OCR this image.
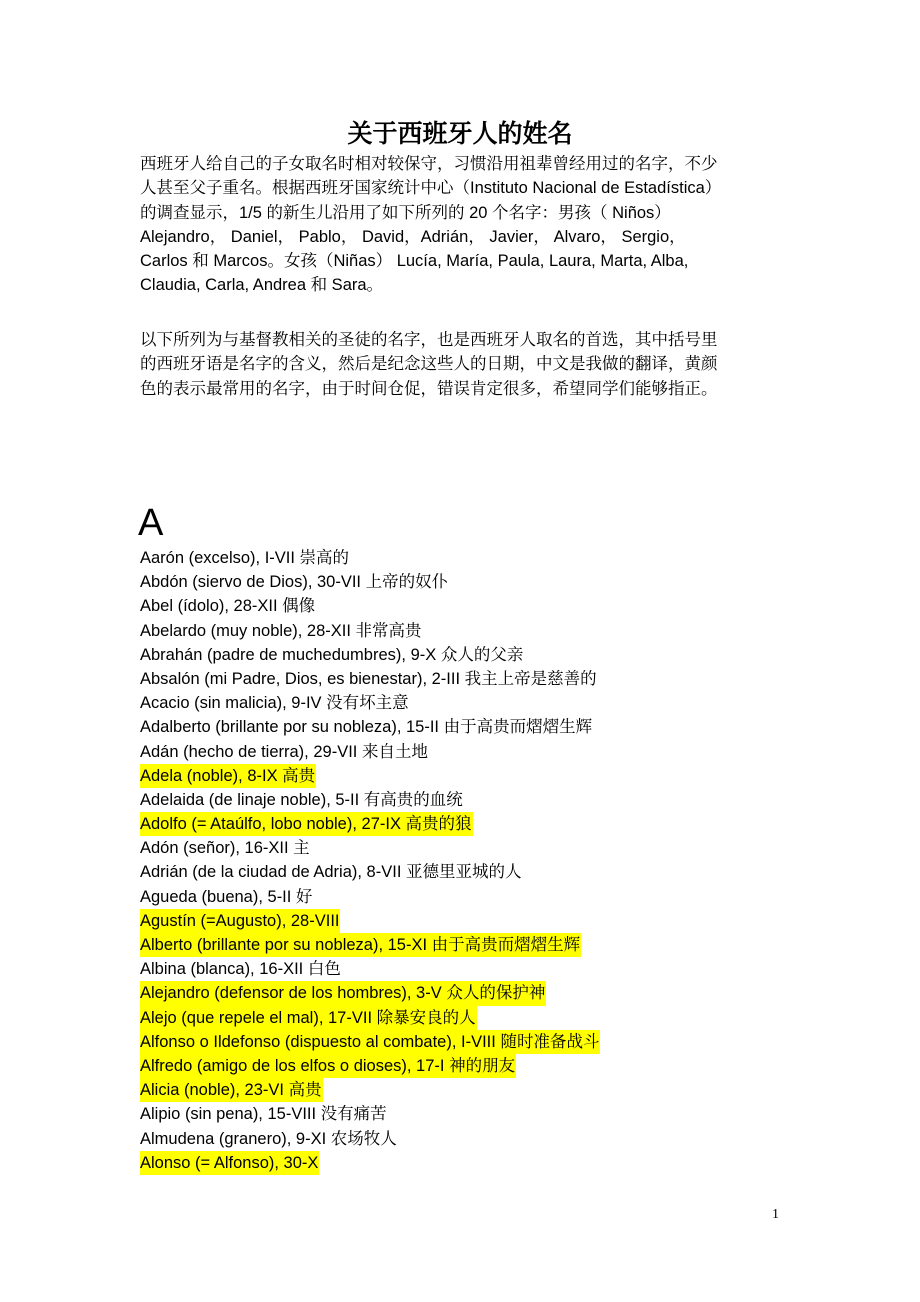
关于西班牙人的姓名

西班牙人给自己的子女取名时相对较保守，习惯沿用祖辈曾经用过的名字，不少
人甚至父子重名。根据西班牙国家统计中心（Instituto Nacional de Estadística）
的调查显示，1/5 的新生儿沿用了如下所列的 20 个名字：男孩（ Niños）
Alejandro， Daniel， Pablo， David，Adrián， Javier， Alvaro， Sergio，
Carlos 和 Marcos。女孩（Niñas） Lucía, María, Paula, Laura, Marta, Alba,
Claudia, Carla, Andrea 和 Sara。

以下所列为与基督教相关的圣徒的名字，也是西班牙人取名的首选，其中括号里
的西班牙语是名字的含义，然后是纪念这些人的日期，中文是我做的翻译，黄颜
色的表示最常用的名字，由于时间仓促，错误肯定很多，希望同学们能够指正。

A
Aarón (excelso), I-VII 崇高的
Abdón (siervo de Dios), 30-VII 上帝的奴仆
Abel (ídolo), 28-XII 偶像
Abelardo (muy noble), 28-XII 非常高贵
Abrahán (padre de muchedumbres), 9-X 众人的父亲
Absalón (mi Padre, Dios, es bienestar), 2-III 我主上帝是慈善的
Acacio (sin malicia), 9-IV 没有坏主意
Adalberto (brillante por su nobleza), 15-II 由于高贵而熠熠生辉
Adán (hecho de tierra), 29-VII 来自土地
Adela (noble), 8-IX 高贵
Adelaida (de linaje noble), 5-II 有高贵的血统
Adolfo (= Ataúlfo, lobo noble), 27-IX 高贵的狼
Adón (señor), 16-XII 主
Adrián (de la ciudad de Adria), 8-VII 亚德里亚城的人
Agueda (buena), 5-II 好
Agustín (=Augusto), 28-VIII
Alberto (brillante por su nobleza), 15-XI 由于高贵而熠熠生辉
Albina (blanca), 16-XII 白色
Alejandro (defensor de los hombres), 3-V 众人的保护神
Alejo (que repele el mal), 17-VII 除暴安良的人
Alfonso o Ildefonso (dispuesto al combate), I-VIII 随时准备战斗
Alfredo (amigo de los elfos o dioses), 17-I 神的朋友
Alicia (noble), 23-VI 高贵
Alipio (sin pena), 15-VIII 没有痛苦
Almudena (granero), 9-XI 农场牧人
Alonso (= Alfonso), 30-X
1
